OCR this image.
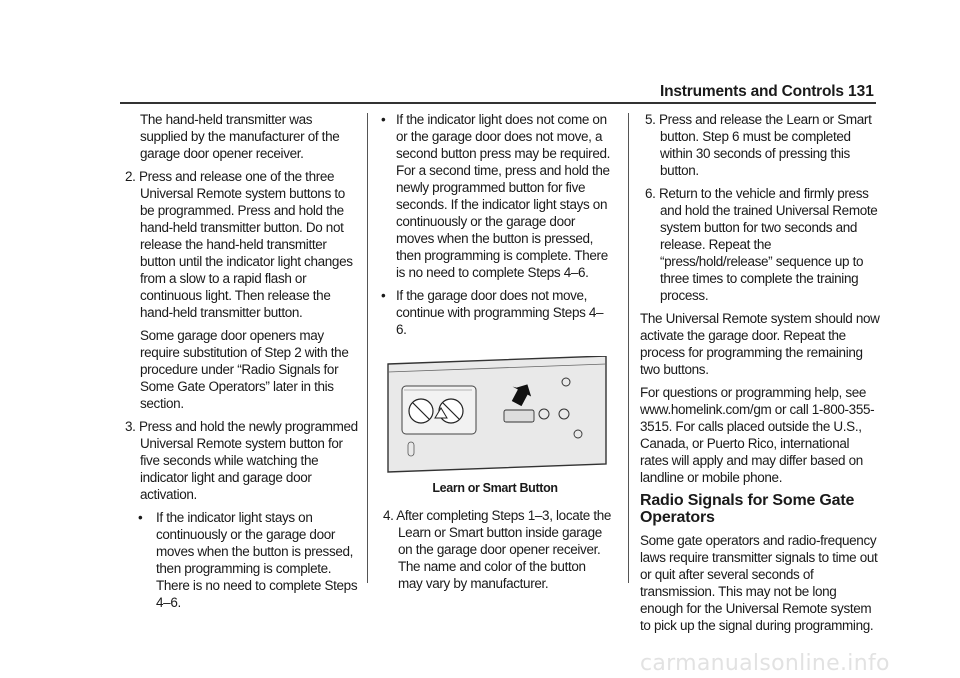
Instruments and Controls 131

The hand-held transmitter was supplied by the manufacturer of the garage door opener receiver.

2. Press and release one of the three Universal Remote system buttons to be programmed. Press and hold the hand-held transmitter button. Do not release the hand-held transmitter button until the indicator light changes from a slow to a rapid flash or continuous light. Then release the hand-held transmitter button.

Some garage door openers may require substitution of Step 2 with the procedure under “Radio Signals for Some Gate Operators” later in this section.

3. Press and hold the newly programmed Universal Remote system button for five seconds while watching the indicator light and garage door activation.

• If the indicator light stays on continuously or the garage door moves when the button is pressed, then programming is complete. There is no need to complete Steps 4–6.

• If the indicator light does not come on or the garage door does not move, a second button press may be required. For a second time, press and hold the newly programmed button for five seconds. If the indicator light stays on continuously or the garage door moves when the button is pressed, then programming is complete. There is no need to complete Steps 4–6.

• If the garage door does not move, continue with programming Steps 4–6.

Learn or Smart Button

4. After completing Steps 1–3, locate the Learn or Smart button inside garage on the garage door opener receiver. The name and color of the button may vary by manufacturer.

5. Press and release the Learn or Smart button. Step 6 must be completed within 30 seconds of pressing this button.

6. Return to the vehicle and firmly press and hold the trained Universal Remote system button for two seconds and release. Repeat the “press/hold/release” sequence up to three times to complete the training process.

The Universal Remote system should now activate the garage door. Repeat the process for programming the remaining two buttons.

For questions or programming help, see www.homelink.com/gm or call 1-800-355-3515. For calls placed outside the U.S., Canada, or Puerto Rico, international rates will apply and may differ based on landline or mobile phone.

Radio Signals for Some Gate Operators

Some gate operators and radio-frequency laws require transmitter signals to time out or quit after several seconds of transmission. This may not be long enough for the Universal Remote system to pick up the signal during programming.

carmanualsonline.info
